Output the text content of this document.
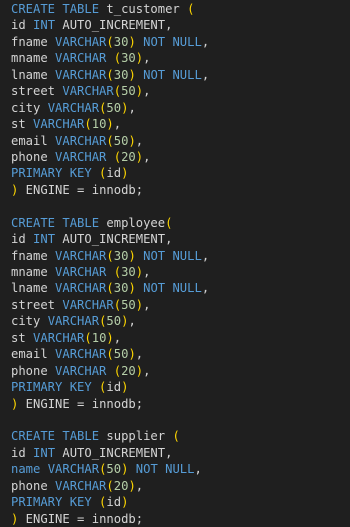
CREATE TABLE t_customer (
id INT AUTO_INCREMENT,
fname VARCHAR(30) NOT NULL,
mname VARCHAR (30),
lname VARCHAR(30) NOT NULL,
street VARCHAR(50),
city VARCHAR(50),
st VARCHAR(10),
email VARCHAR(50),
phone VARCHAR (20),
PRIMARY KEY (id)
) ENGINE = innodb;

CREATE TABLE employee(
id INT AUTO_INCREMENT,
fname VARCHAR(30) NOT NULL,
mname VARCHAR (30),
lname VARCHAR(30) NOT NULL,
street VARCHAR(50),
city VARCHAR(50),
st VARCHAR(10),
email VARCHAR(50),
phone VARCHAR (20),
PRIMARY KEY (id)
) ENGINE = innodb;

CREATE TABLE supplier (
id INT AUTO_INCREMENT,
name VARCHAR(50) NOT NULL,
phone VARCHAR(20),
PRIMARY KEY (id)
) ENGINE = innodb;
